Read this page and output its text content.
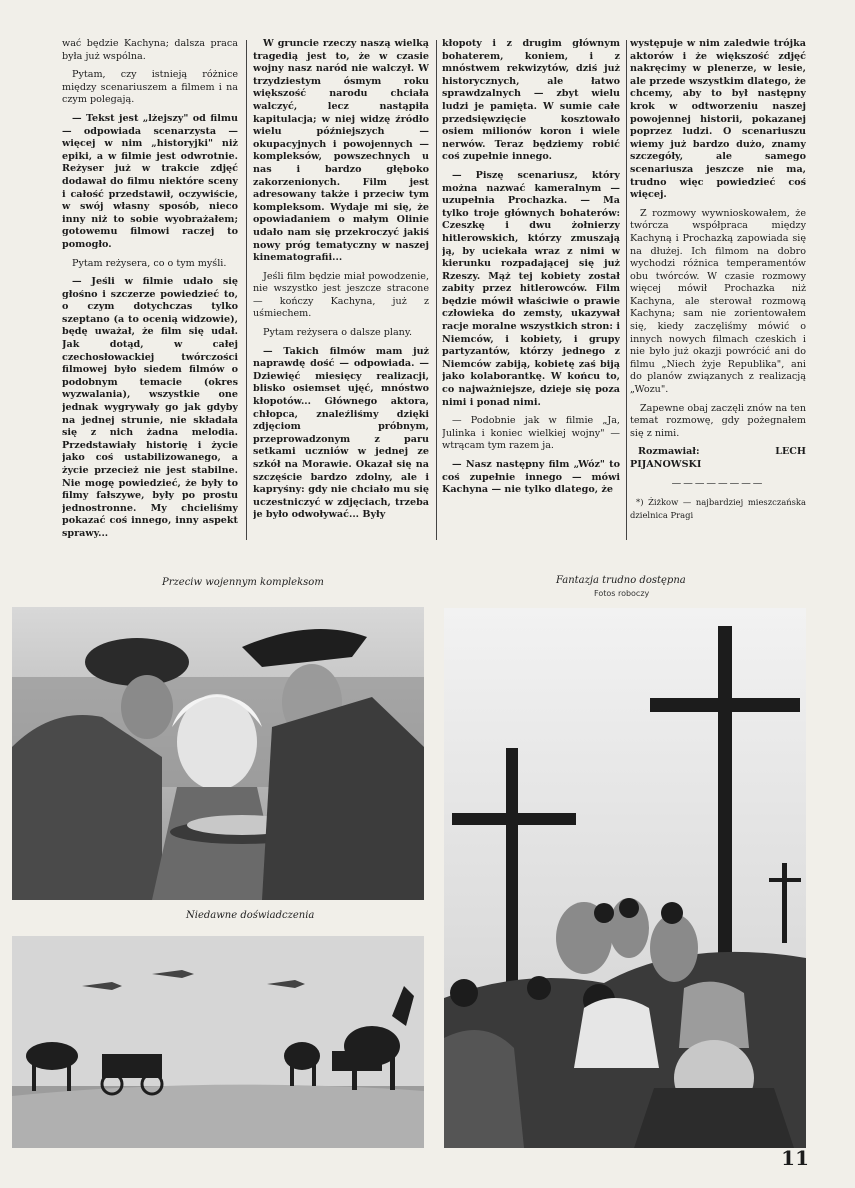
wać będzie Kachyna; dalsza praca była już wspólna.

Pytam, czy istnieją różnice między scenariuszem a filmem i na czym polegają.

— Tekst jest „lżejszy" od filmu — odpowiada scenarzysta — więcej w nim „historyjki" niż epiki, a w filmie jest odwrotnie. Reżyser już w trakcie zdjęć dodawał do filmu niektóre sceny i całość przedstawił, oczywiście, w swój własny sposób, nieco inny niż to sobie wyobrażałem; gotowemu filmowi raczej to pomogło.

Pytam reżysera, co o tym myśli.

— Jeśli w filmie udało się głośno i szczerze powiedzieć to, o czym dotychczas tylko szeptano (a to ocenią widzowie), będę uważał, że film się udał. Jak dotąd, w całej czechosłowackiej twórczości filmowej było siedem filmów o podobnym temacie (okres wyzwalania), wszystkie one jednak wygrywały go jak gdyby na jednej strunie, nie składała się z nich żadna melodia. Przedstawiały historię i życie jako coś ustabilizowanego, a życie przecież nie jest stabilne. Nie mogę powiedzieć, że były to filmy fałszywe, były po prostu jednostronne. My chcieliśmy pokazać coś innego, inny aspekt sprawy...

W gruncie rzeczy naszą wielką tragedią jest to, że w czasie wojny nasz naród nie walczył. W trzydziestym ósmym roku większość narodu chciała walczyć, lecz nastąpiła kapitulacja; w niej widzę źródło wielu późniejszych — okupacyjnych i powojennych — kompleksów, powszechnych u nas i bardzo głęboko zakorzenionych. Film jest adresowany także i przeciw tym kompleksom. Wydaje mi się, że opowiadaniem o małym Olinie udało nam się przekroczyć jakiś nowy próg tematyczny w naszej kinematografii...

Jeśli film będzie miał powodzenie, nie wszystko jest jeszcze stracone — kończy Kachyna, już z uśmiechem.

Pytam reżysera o dalsze plany.

— Takich filmów mam już naprawdę dość — odpowiada. — Dziewięć miesięcy realizacji, blisko osiemset ujęć, mnóstwo kłopotów... Głównego aktora, chłopca, znaleźliśmy dzięki zdjęciom próbnym, przeprowadzonym z paru setkami uczniów w jednej ze szkół na Morawie. Okazał się na szczęście bardzo zdolny, ale i kapryśny: gdy nie chciało mu się uczestniczyć w zdjęciach, trzeba je było odwoływać... Były

kłopoty i z drugim głównym bohaterem, koniem, i z mnóstwem rekwizytów, dziś już historycznych, ale łatwo sprawdzalnych — zbyt wielu ludzi je pamięta. W sumie całe przedsięwzięcie kosztowało osiem milionów koron i wiele nerwów. Teraz będziemy robić coś zupełnie innego.

— Piszę scenariusz, który można nazwać kameralnym — uzupełnia Prochazka. — Ma tylko troje głównych bohaterów: Czeszkę i dwu żołnierzy hitlerowskich, którzy zmuszają ją, by uciekała wraz z nimi w kierunku rozpadającej się już Rzeszy. Mąż tej kobiety został zabity przez hitlerowców. Film będzie mówił właściwie o prawie człowieka do zemsty, ukazywał racje moralne wszystkich stron: i Niemców, i kobiety, i grupy partyzantów, którzy jednego z Niemców zabiją, kobietę zaś biją jako kolaborantkę. W końcu to, co najważniejsze, dzieje się poza nimi i ponad nimi.

— Podobnie jak w filmie „Ja, Julinka i koniec wielkiej wojny" — wtrącam tym razem ja.

— Nasz następny film „Wóz" to coś zupełnie innego — mówi Kachyna — nie tylko dlatego, że

występuje w nim zaledwie trójka aktorów i że większość zdjęć nakręcimy w plenerze, w lesie, ale przede wszystkim dlatego, że chcemy, aby to był następny krok w odtworzeniu naszej powojennej historii, pokazanej poprzez ludzi. O scenariuszu wiemy już bardzo dużo, znamy szczegóły, ale samego scenariusza jeszcze nie ma, trudno więc powiedzieć coś więcej.

Z rozmowy wywnioskowałem, że twórcza współpraca między Kachyną i Prochazką zapowiada się na dłużej. Ich filmom na dobro wychodzi różnica temperamentów obu twórców. W czasie rozmowy więcej mówił Prochazka niż Kachyna, ale sterował rozmową Kachyna; sam nie zorientowałem się, kiedy zaczęliśmy mówić o innych nowych filmach czeskich i nie było już okazji powrócić ani do filmu „Niech żyje Republika", ani do planów związanych z realizacją „Wozu".

Zapewne obaj zaczęli znów na ten temat rozmowę, gdy pożegnałem się z nimi.

Rozmawiał: LECH PIJANOWSKI

————————

*) Żiżkow — najbardziej mieszczańska dzielnica Pragi

Przeciw wojennym kompleksom	Fantazja trudno dostępna
Fotos roboczy
Niedawne doświadczenia
11
